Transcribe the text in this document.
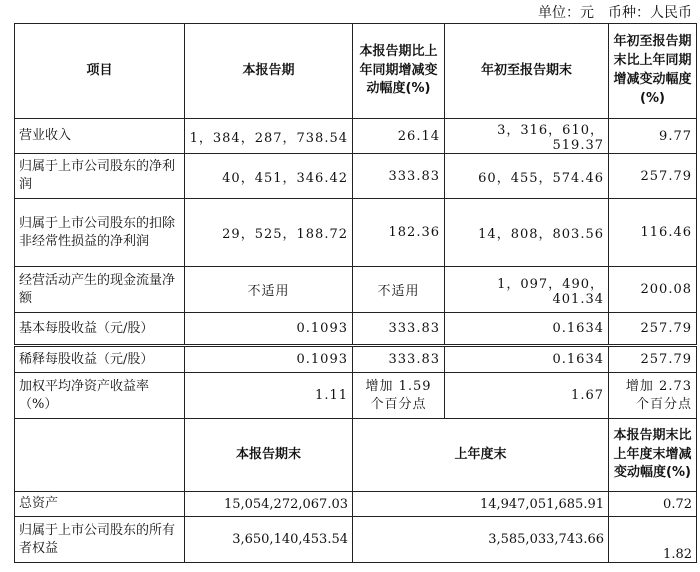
单位：元　币种：人民币
项目	本报告期	本报告期比上年同期增减变动幅度(%)	年初至报告期末	年初至报告期末比上年同期增减变动幅度(%)
营业收入	1，384，287，738.54	26.14	3，316，610，519.37	9.77
归属于上市公司股东的净利润	40，451，346.42	333.83	60，455，574.46	257.79
归属于上市公司股东的扣除非经常性损益的净利润	29，525，188.72	182.36	14，808，803.56	116.46
经营活动产生的现金流量净额	不适用	不适用	1，097，490，401.34	200.08
基本每股收益（元/股）	0.1093	333.83	0.1634	257.79
稀释每股收益（元/股）	0.1093	333.83	0.1634	257.79
加权平均净资产收益率（%）	1.11	增加 1.59 个百分点	1.67	增加 2.73 个百分点
	本报告期末	上年度末		本报告期末比上年度末增减变动幅度(%)
总资产	15,054,272,067.03	14,947,051,685.91		0.72
归属于上市公司股东的所有者权益	3,650,140,453.54	3,585,033,743.66		1.82
